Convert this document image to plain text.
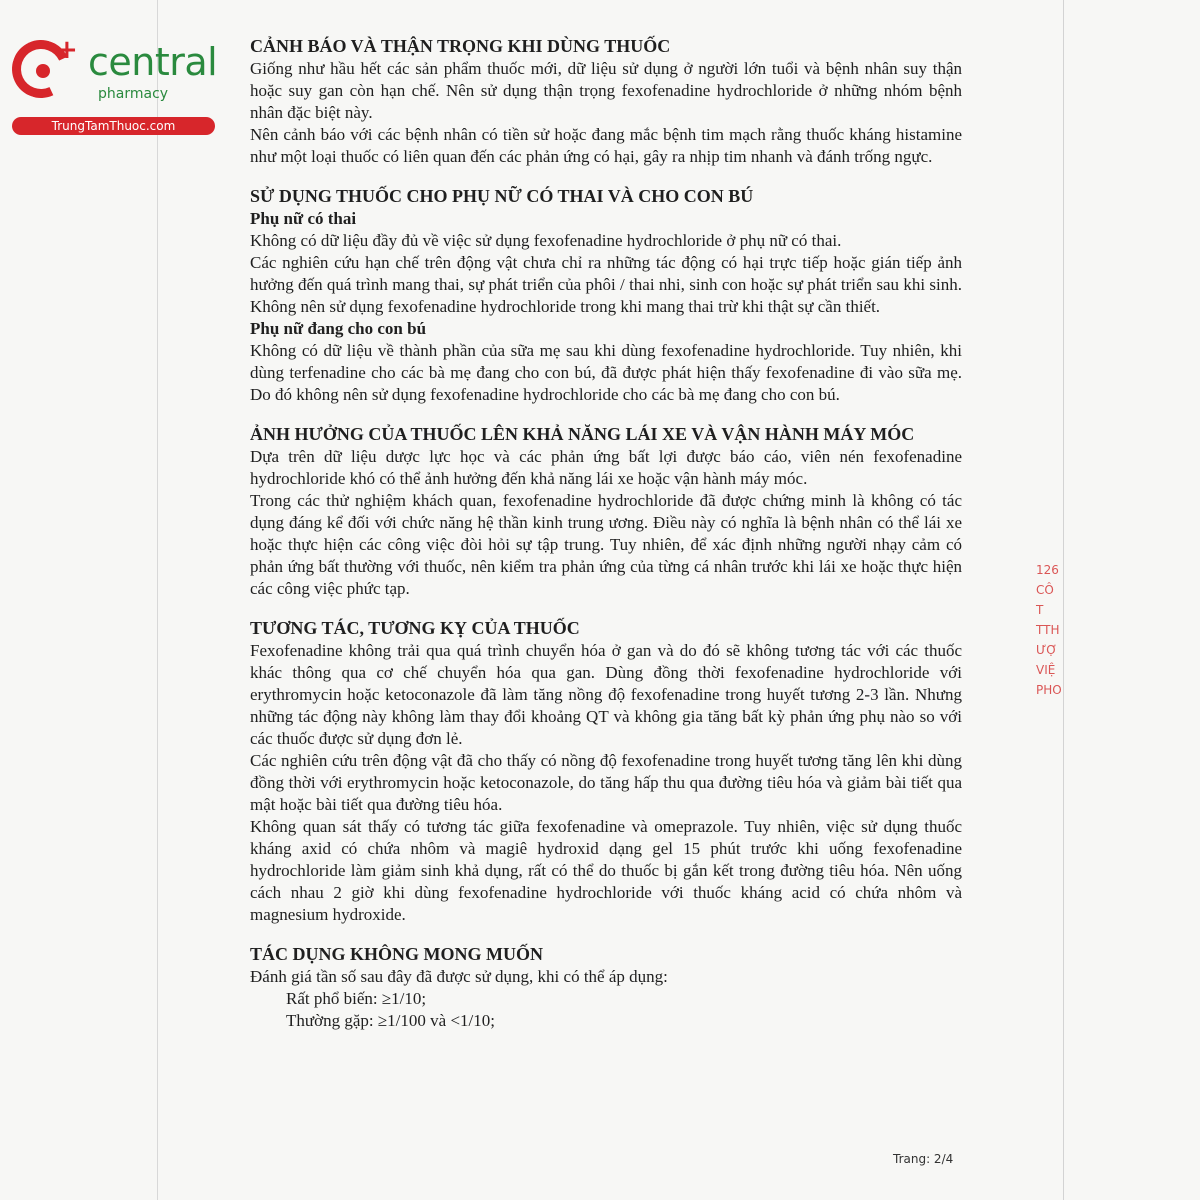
+ central
pharmacy
TrungTamThuoc.com
CẢNH BÁO VÀ THẬN TRỌNG KHI DÙNG THUỐC

Giống như hầu hết các sản phẩm thuốc mới, dữ liệu sử dụng ở người lớn tuổi và bệnh nhân suy thận hoặc suy gan còn hạn chế. Nên sử dụng thận trọng fexofenadine hydrochloride ở những nhóm bệnh nhân đặc biệt này.

Nên cảnh báo với các bệnh nhân có tiền sử hoặc đang mắc bệnh tim mạch rằng thuốc kháng histamine như một loại thuốc có liên quan đến các phản ứng có hại, gây ra nhịp tim nhanh và đánh trống ngực.

SỬ DỤNG THUỐC CHO PHỤ NỮ CÓ THAI VÀ CHO CON BÚ
Phụ nữ có thai

Không có dữ liệu đầy đủ về việc sử dụng fexofenadine hydrochloride ở phụ nữ có thai.

Các nghiên cứu hạn chế trên động vật chưa chỉ ra những tác động có hại trực tiếp hoặc gián tiếp ảnh hưởng đến quá trình mang thai, sự phát triển của phôi / thai nhi, sinh con hoặc sự phát triển sau khi sinh. Không nên sử dụng fexofenadine hydrochloride trong khi mang thai trừ khi thật sự cần thiết.

Phụ nữ đang cho con bú

Không có dữ liệu về thành phần của sữa mẹ sau khi dùng fexofenadine hydrochloride. Tuy nhiên, khi dùng terfenadine cho các bà mẹ đang cho con bú, đã được phát hiện thấy fexofenadine đi vào sữa mẹ. Do đó không nên sử dụng fexofenadine hydrochloride cho các bà mẹ đang cho con bú.

ẢNH HƯỞNG CỦA THUỐC LÊN KHẢ NĂNG LÁI XE VÀ VẬN HÀNH MÁY MÓC

Dựa trên dữ liệu dược lực học và các phản ứng bất lợi được báo cáo, viên nén fexofenadine hydrochloride khó có thể ảnh hưởng đến khả năng lái xe hoặc vận hành máy móc.

Trong các thử nghiệm khách quan, fexofenadine hydrochloride đã được chứng minh là không có tác dụng đáng kể đối với chức năng hệ thần kinh trung ương. Điều này có nghĩa là bệnh nhân có thể lái xe hoặc thực hiện các công việc đòi hỏi sự tập trung. Tuy nhiên, để xác định những người nhạy cảm có phản ứng bất thường với thuốc, nên kiểm tra phản ứng của từng cá nhân trước khi lái xe hoặc thực hiện các công việc phức tạp.

TƯƠNG TÁC, TƯƠNG KỴ CỦA THUỐC

Fexofenadine không trải qua quá trình chuyển hóa ở gan và do đó sẽ không tương tác với các thuốc khác thông qua cơ chế chuyển hóa qua gan. Dùng đồng thời fexofenadine hydrochloride với erythromycin hoặc ketoconazole đã làm tăng nồng độ fexofenadine trong huyết tương 2-3 lần. Nhưng những tác động này không làm thay đổi khoảng QT và không gia tăng bất kỳ phản ứng phụ nào so với các thuốc được sử dụng đơn lẻ.

Các nghiên cứu trên động vật đã cho thấy có nồng độ fexofenadine trong huyết tương tăng lên khi dùng đồng thời với erythromycin hoặc ketoconazole, do tăng hấp thu qua đường tiêu hóa và giảm bài tiết qua mật hoặc bài tiết qua đường tiêu hóa.

Không quan sát thấy có tương tác giữa fexofenadine và omeprazole. Tuy nhiên, việc sử dụng thuốc kháng axid có chứa nhôm và magiê hydroxid dạng gel 15 phút trước khi uống fexofenadine hydrochloride làm giảm sinh khả dụng, rất có thể do thuốc bị gắn kết trong đường tiêu hóa. Nên uống cách nhau 2 giờ khi dùng fexofenadine hydrochloride với thuốc kháng acid có chứa nhôm và magnesium hydroxide.

TÁC DỤNG KHÔNG MONG MUỐN

Đánh giá tần số sau đây đã được sử dụng, khi có thể áp dụng:

Rất phổ biến: ≥1/10;

Thường gặp: ≥1/100 và <1/10;

126
CÔ
T
TTH
ƯỢ
VIỆ
PHO
Trang: 2/4
